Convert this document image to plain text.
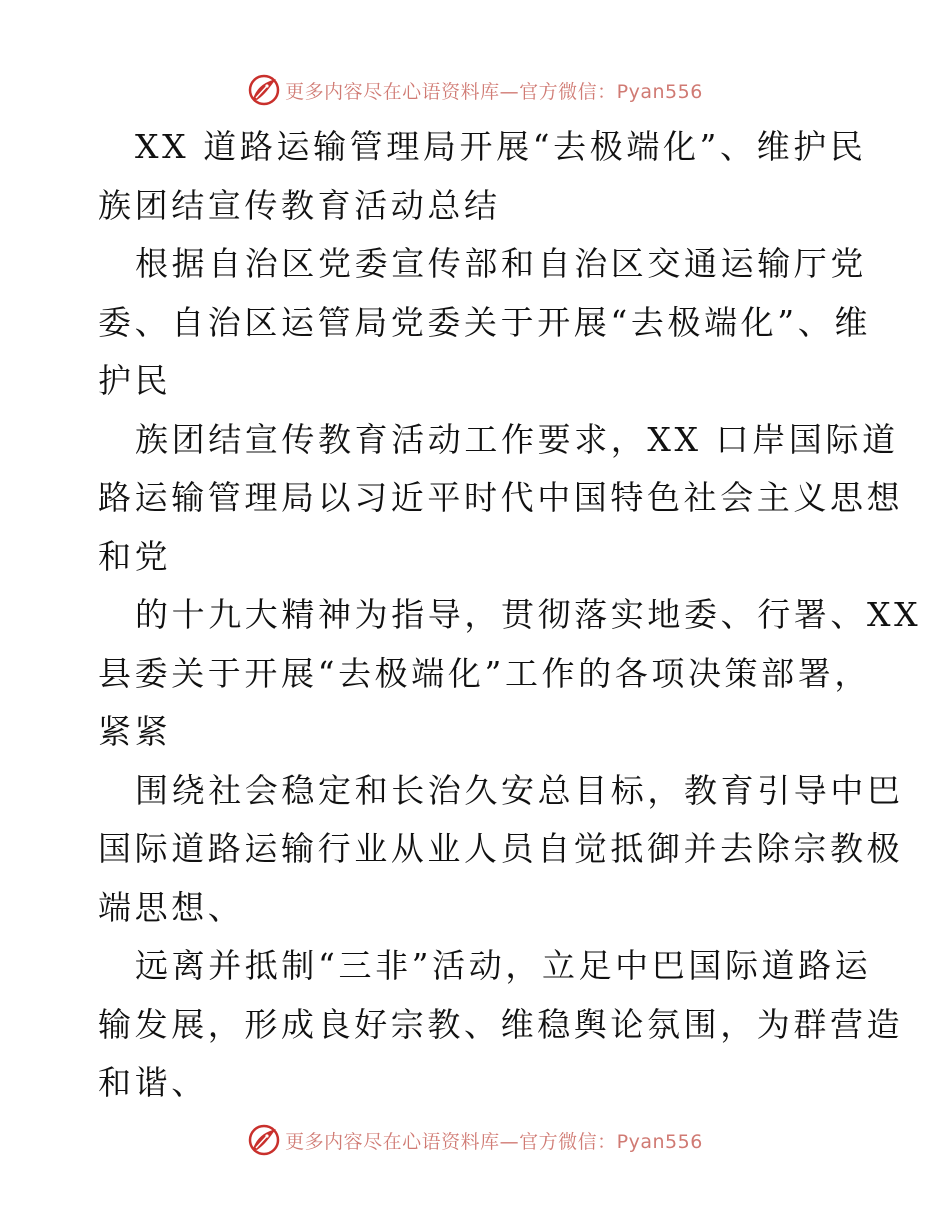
更多内容尽在心语资料库—官方微信：Pyan556

XX 道路运输管理局开展“去极端化”、维护民
族团结宣传教育活动总结
根据自治区党委宣传部和自治区交通运输厅党
委、自治区运管局党委关于开展“去极端化”、维
护民
族团结宣传教育活动工作要求，XX 口岸国际道
路运输管理局以习近平时代中国特色社会主义思想
和党
的十九大精神为指导，贯彻落实地委、行署、XX
县委关于开展“去极端化”工作的各项决策部署，
紧紧
围绕社会稳定和长治久安总目标，教育引导中巴
国际道路运输行业从业人员自觉抵御并去除宗教极
端思想、
远离并抵制“三非”活动，立足中巴国际道路运
输发展，形成良好宗教、维稳舆论氛围，为群营造
和谐、

更多内容尽在心语资料库—官方微信：Pyan556
